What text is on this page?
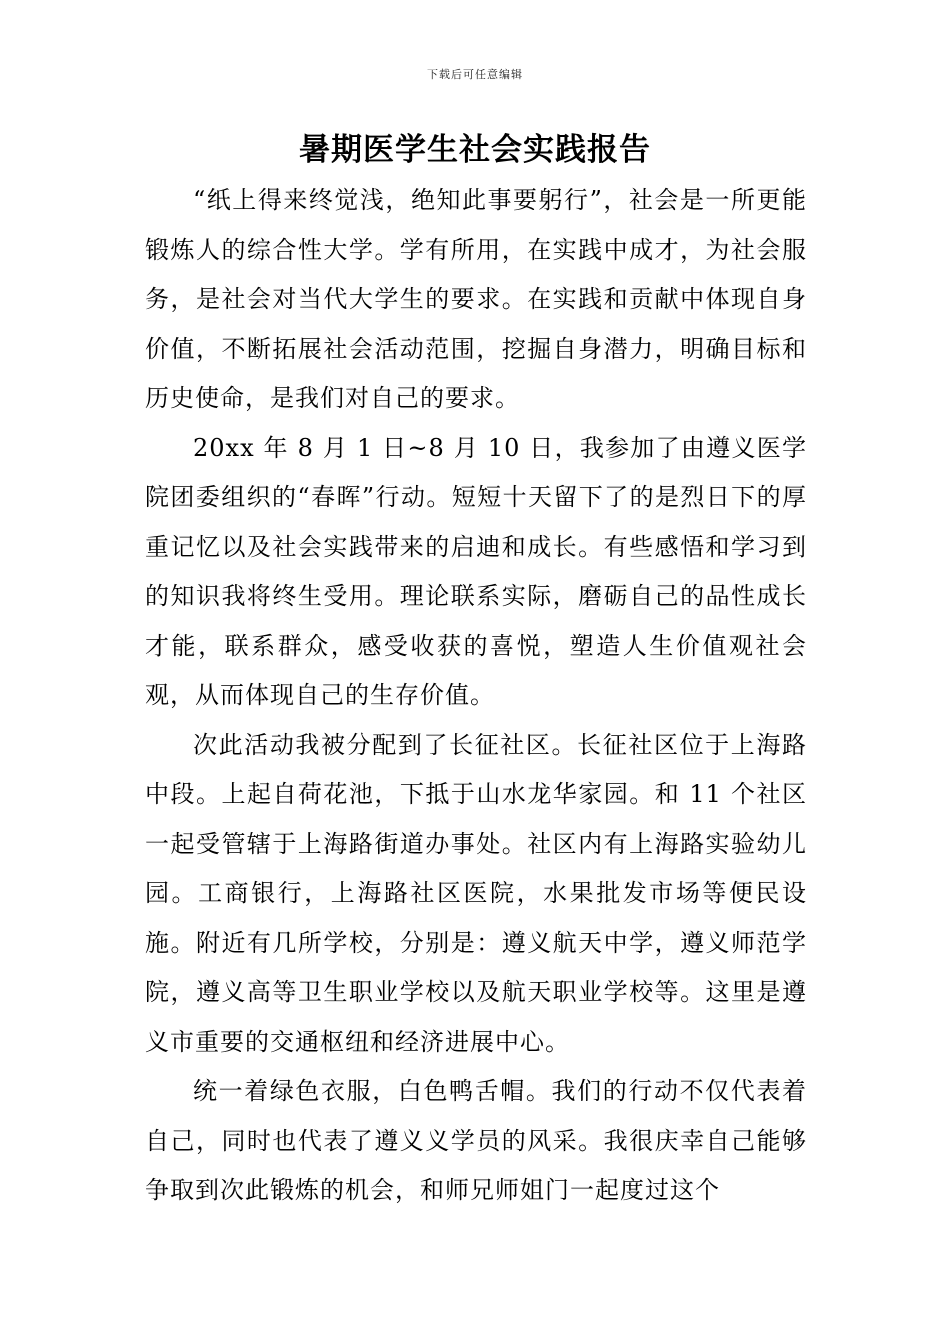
下载后可任意编辑
暑期医学生社会实践报告

“纸上得来终觉浅，绝知此事要躬行”，社会是一所更能锻炼人的综合性大学。学有所用，在实践中成才，为社会服务，是社会对当代大学生的要求。在实践和贡献中体现自身价值，不断拓展社会活动范围，挖掘自身潜力，明确目标和历史使命，是我们对自己的要求。

20xx 年 8 月 1 日~8 月 10 日，我参加了由遵义医学院团委组织的“春晖”行动。短短十天留下了的是烈日下的厚重记忆以及社会实践带来的启迪和成长。有些感悟和学习到的知识我将终生受用。理论联系实际，磨砺自己的品性成长才能，联系群众，感受收获的喜悦，塑造人生价值观社会观，从而体现自己的生存价值。

次此活动我被分配到了长征社区。长征社区位于上海路中段。上起自荷花池，下抵于山水龙华家园。和 11 个社区一起受管辖于上海路街道办事处。社区内有上海路实验幼儿园。工商银行，上海路社区医院，水果批发市场等便民设施。附近有几所学校，分别是：遵义航天中学，遵义师范学院，遵义高等卫生职业学校以及航天职业学校等。这里是遵义市重要的交通枢纽和经济进展中心。

统一着绿色衣服，白色鸭舌帽。我们的行动不仅代表着自己，同时也代表了遵义义学员的风采。我很庆幸自己能够争取到次此锻炼的机会，和师兄师姐门一起度过这个
